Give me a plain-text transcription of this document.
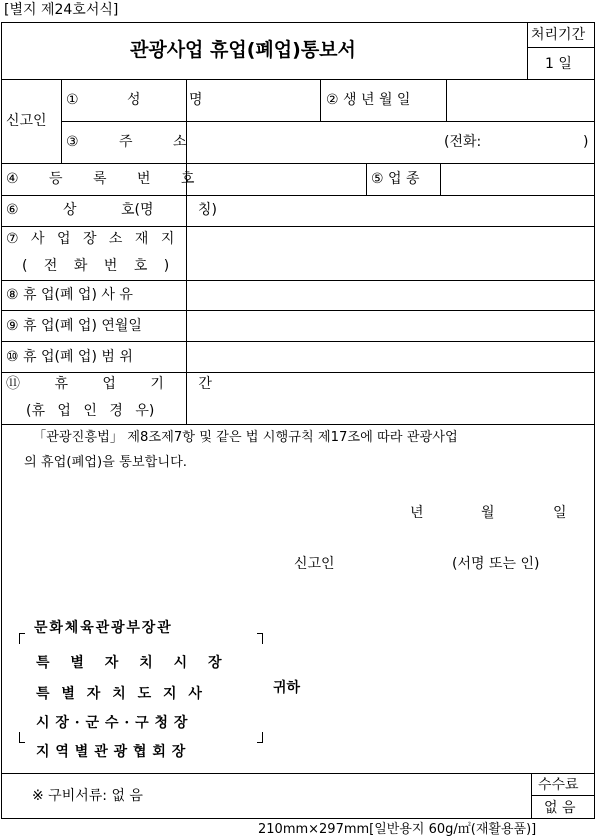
[별지 제24호서식]
관광사업 휴업(폐업)통보서
처리기간
1 일
신고인
① 성 명	② 생 년 월 일
③ 주 소	(전화:	)
④ 등 록 번 호	⑤ 업 종
⑥ 상 호(명 칭)
⑦ 사 업 장 소 재 지
( 전 화 번 호 )
⑧ 휴 업(폐 업) 사 유
⑨ 휴 업(폐 업) 연월일
⑩ 휴 업(폐 업) 범 위
⑪ 휴 업 기 간
(휴 업 인 경 우)
「관광진흥법」 제8조제7항 및 같은 법 시행규칙 제17조에 따라 관광사업
의 휴업(폐업)을 통보합니다.
년	월	일
신고인	(서명 또는 인)
문 화 체 육 관 광 부 장 관
특 별 자 치 시 장
특 별 자 치 도 지 사
시 장 · 군 수 · 구 청 장
지 역 별 관 광 협 회 장
귀하
※ 구비서류: 없 음
수수료
없 음
210mm×297mm[일반용지 60g/㎡(재활용품)]
